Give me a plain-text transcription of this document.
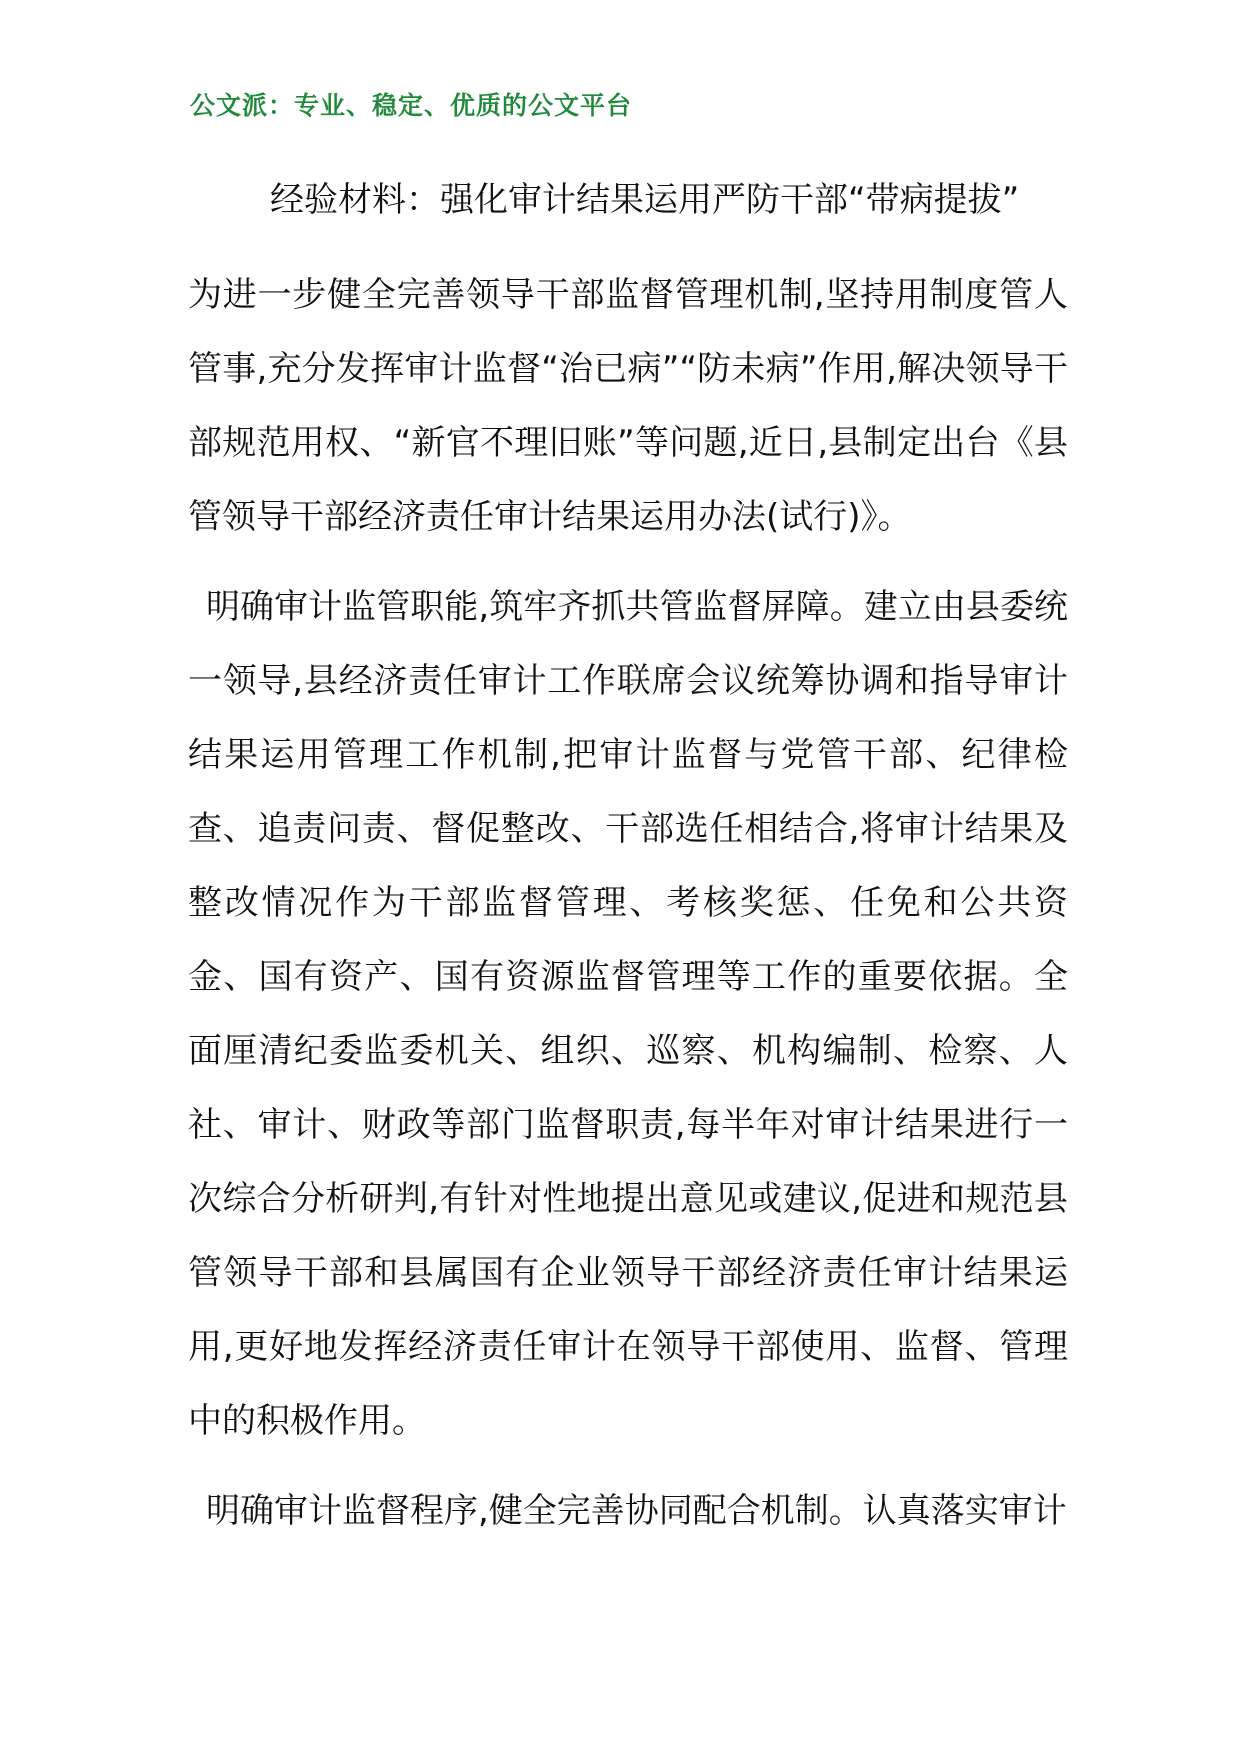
公文派：专业、稳定、优质的公文平台
经验材料：强化审计结果运用严防干部“带病提拔”

为进一步健全完善领导干部监督管理机制,坚持用制度管人管事,充分发挥审计监督“治已病”“防未病”作用,解决领导干部规范用权、“新官不理旧账”等问题,近日,县制定出台《县管领导干部经济责任审计结果运用办法(试行)》。

明确审计监管职能,筑牢齐抓共管监督屏障。建立由县委统一领导,县经济责任审计工作联席会议统筹协调和指导审计结果运用管理工作机制,把审计监督与党管干部、纪律检查、追责问责、督促整改、干部选任相结合,将审计结果及整改情况作为干部监督管理、考核奖惩、任免和公共资金、国有资产、国有资源监督管理等工作的重要依据。全面厘清纪委监委机关、组织、巡察、机构编制、检察、人社、审计、财政等部门监督职责,每半年对审计结果进行一次综合分析研判,有针对性地提出意见或建议,促进和规范县管领导干部和县属国有企业领导干部经济责任审计结果运用,更好地发挥经济责任审计在领导干部使用、监督、管理中的积极作用。

明确审计监督程序,健全完善协同配合机制。认真落实审计
